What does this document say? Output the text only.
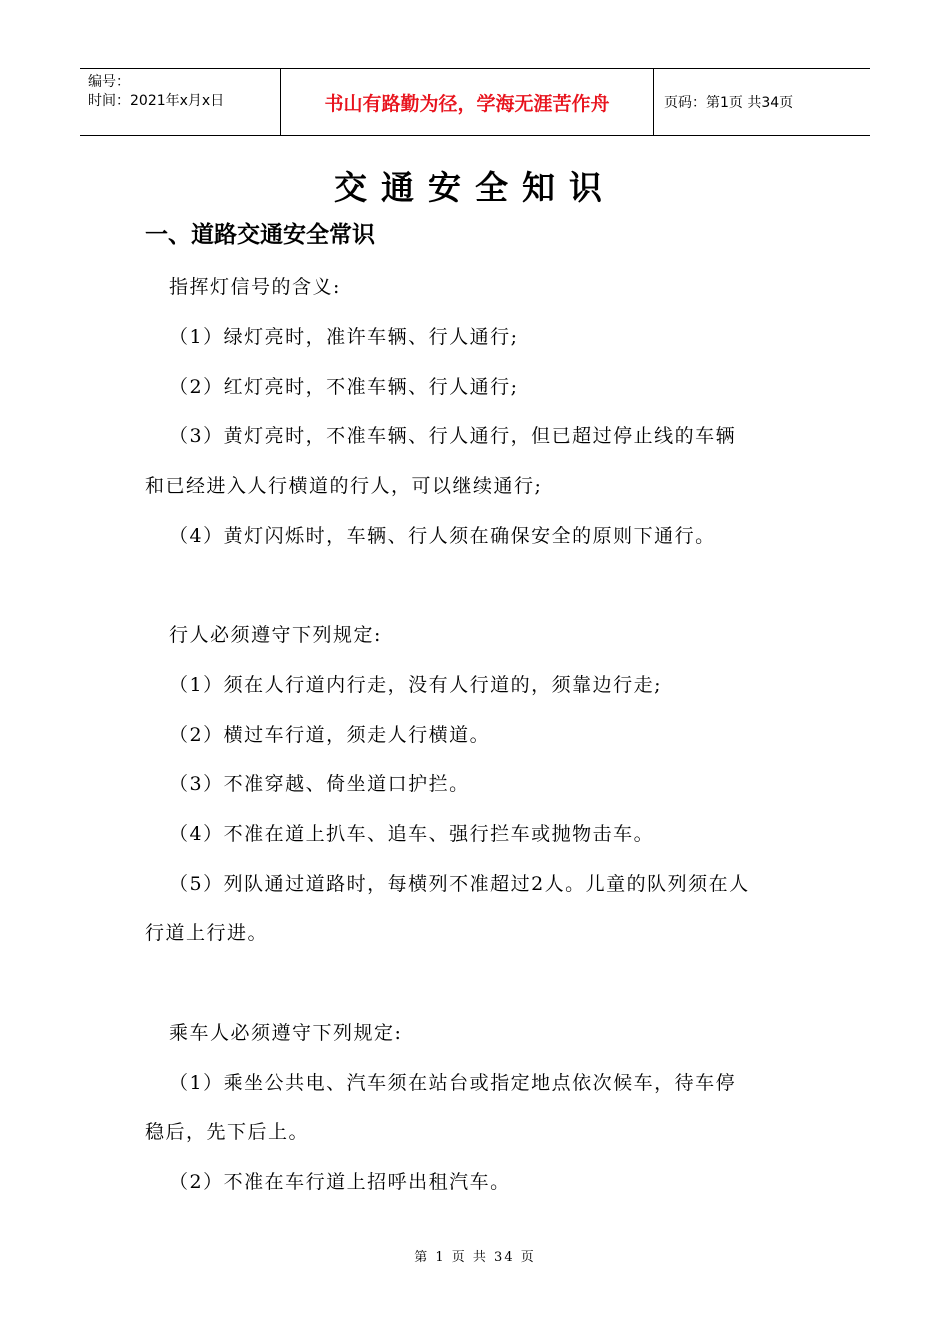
编号：
时间：2021年x月x日	书山有路勤为径，学海无涯苦作舟	页码：第1页 共34页
交通安全知识
一、道路交通安全常识
指挥灯信号的含义:
（1）绿灯亮时，准许车辆、行人通行;
（2）红灯亮时，不准车辆、行人通行;
（3）黄灯亮时，不准车辆、行人通行，但已超过停止线的车辆
和已经进入人行横道的行人，可以继续通行;
（4）黄灯闪烁时，车辆、行人须在确保安全的原则下通行。
行人必须遵守下列规定:
（1）须在人行道内行走，没有人行道的，须靠边行走;
（2）横过车行道，须走人行横道。
（3）不准穿越、倚坐道口护拦。
（4）不准在道上扒车、追车、强行拦车或抛物击车。
（5）列队通过道路时，每横列不准超过2人。儿童的队列须在人
行道上行进。
乘车人必须遵守下列规定:
（1）乘坐公共电、汽车须在站台或指定地点依次候车，待车停
稳后，先下后上。
（2）不准在车行道上招呼出租汽车。
第 1 页 共 34 页
